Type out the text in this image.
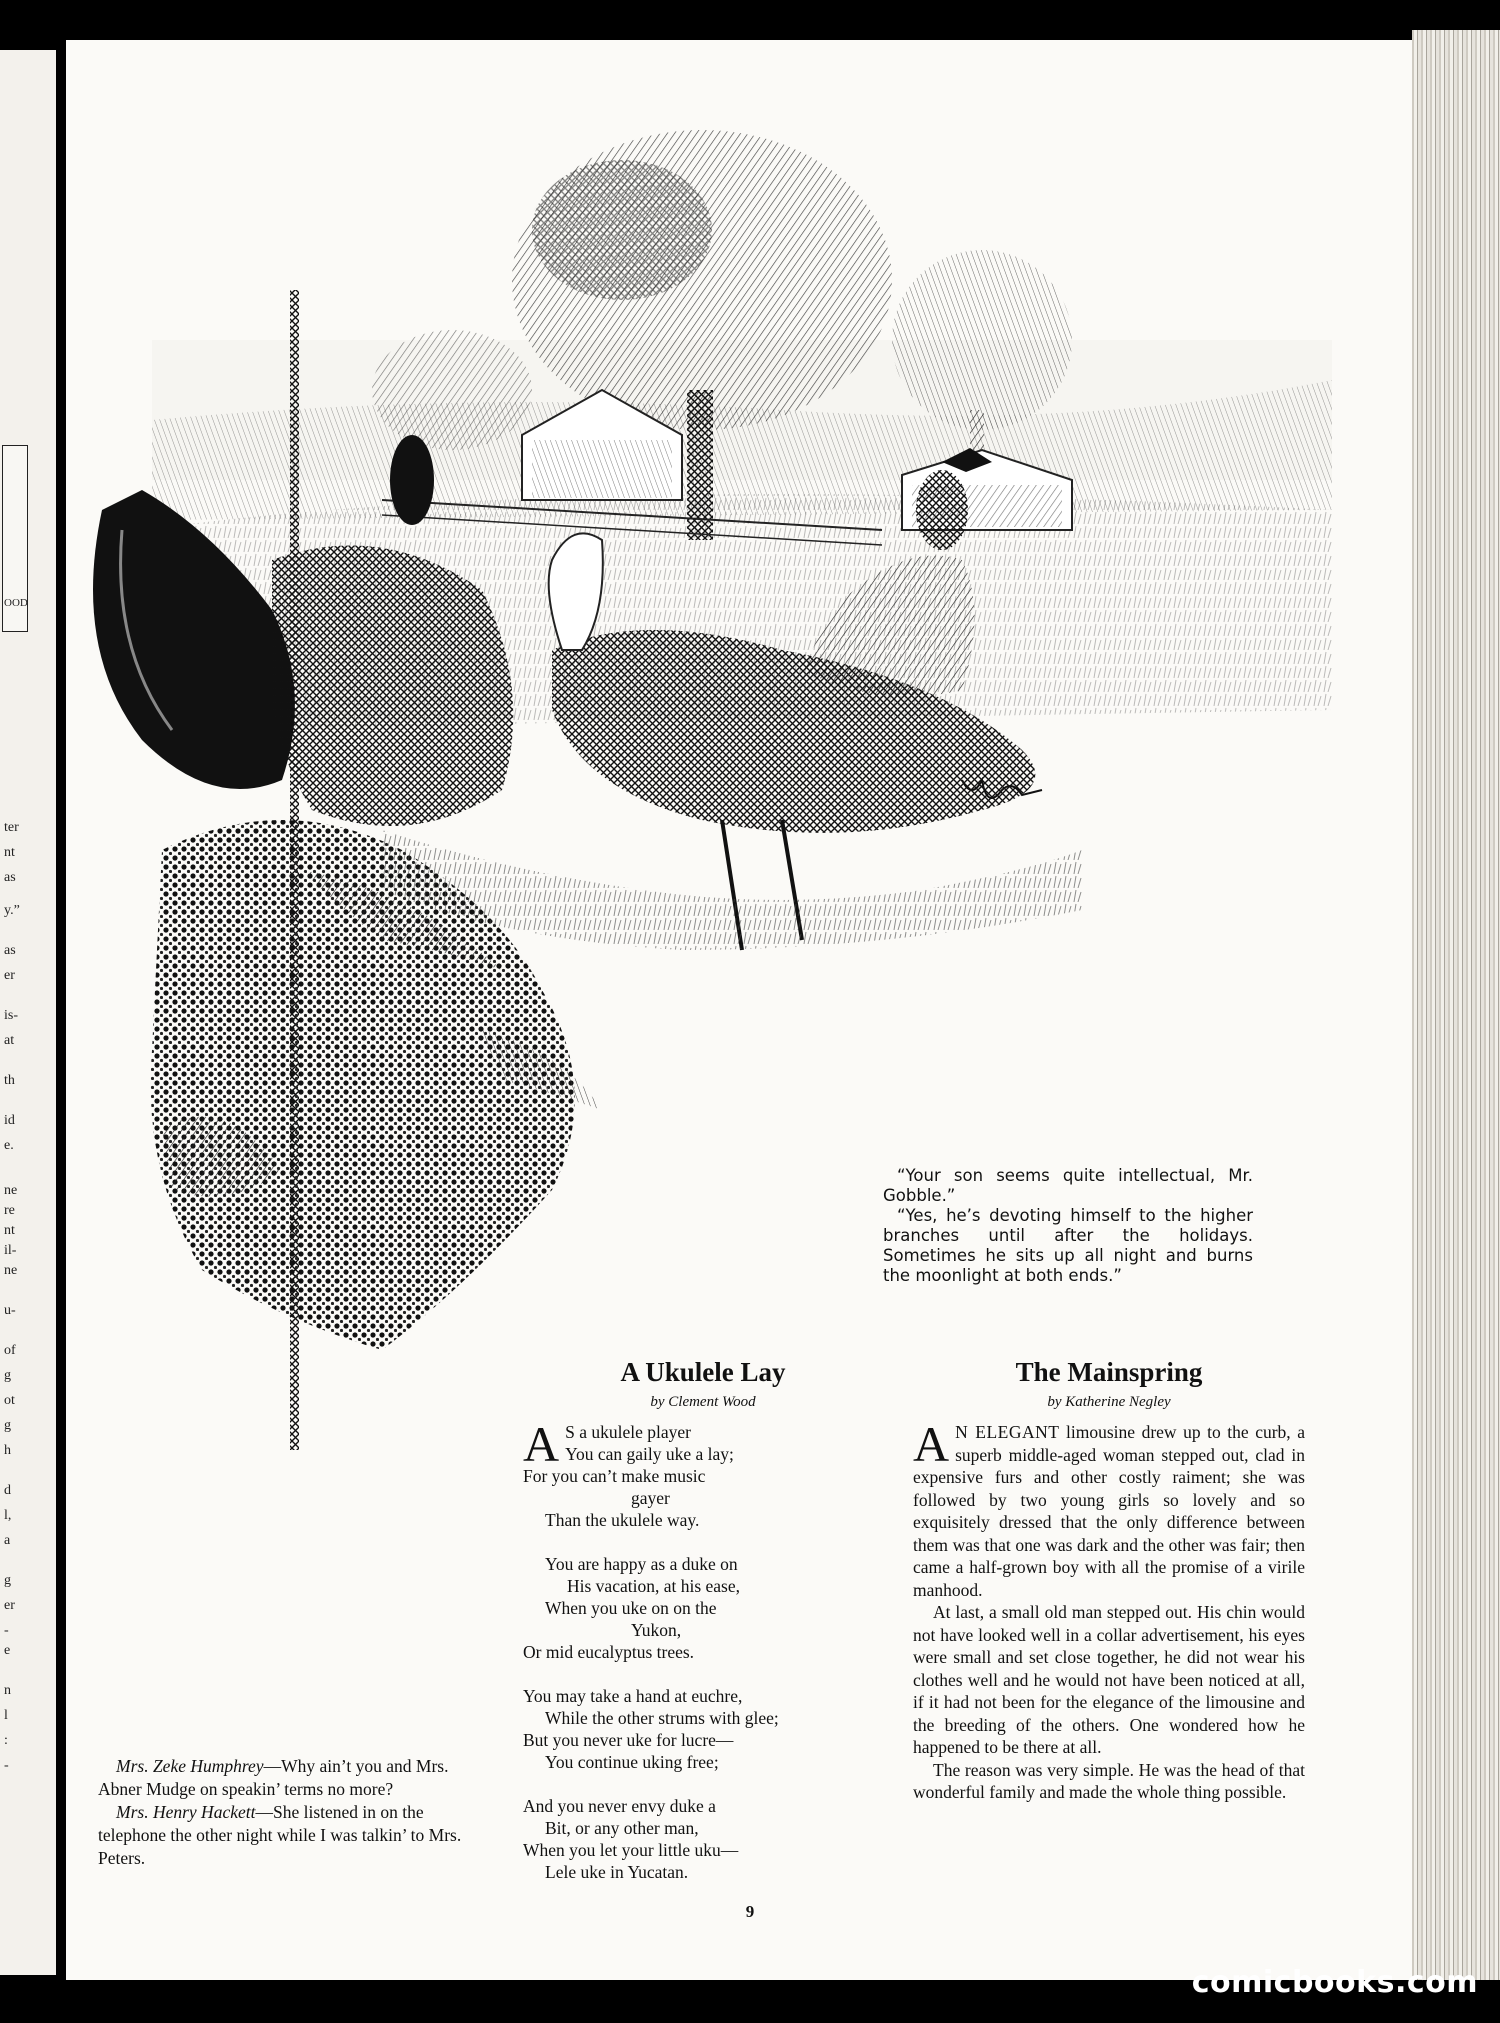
OOD
ter
nt
as
y.”
as
er
is-
at
th
id
e.
ne
re
nt
il-
ne
u-
of
g
ot
g
h
d
l,
a
g
er
-
e
n
l
:
-

“Your son seems quite intellectual, Mr. Gobble.”

“Yes, he’s devoting himself to the higher branches until after the holidays. Sometimes he sits up all night and burns the moonlight at both ends.”

A Ukulele Lay
by Clement Wood
A S a ukulele player
You can gaily uke a lay;
For you can’t make music
gayer
Than the ukulele way.
You are happy as a duke on
His vacation, at his ease,
When you uke on on the
Yukon,
Or mid eucalyptus trees.
You may take a hand at euchre,
While the other strums with glee;
But you never uke for lucre—
You continue uking free;
And you never envy duke a
Bit, or any other man,
When you let your little uku—
Lele uke in Yucatan.
The Mainspring
by Katherine Negley

A N ELEGANT limousine drew up to the curb, a superb middle-aged woman stepped out, clad in expensive furs and other costly raiment; she was followed by two young girls so lovely and so exquisitely dressed that the only difference between them was that one was dark and the other was fair; then came a half-grown boy with all the promise of a virile manhood.

At last, a small old man stepped out. His chin would not have looked well in a collar advertisement, his eyes were small and set close together, he did not wear his clothes well and he would not have been noticed at all, if it had not been for the elegance of the limousine and the breeding of the others. One wondered how he happened to be there at all.

The reason was very simple. He was the head of that wonderful family and made the whole thing possible.

Mrs. Zeke Humphrey—Why ain’t you and Mrs. Abner Mudge on speakin’ terms no more?

Mrs. Henry Hackett—She listened in on the telephone the other night while I was talkin’ to Mrs. Peters.

9
comicbooks.com
